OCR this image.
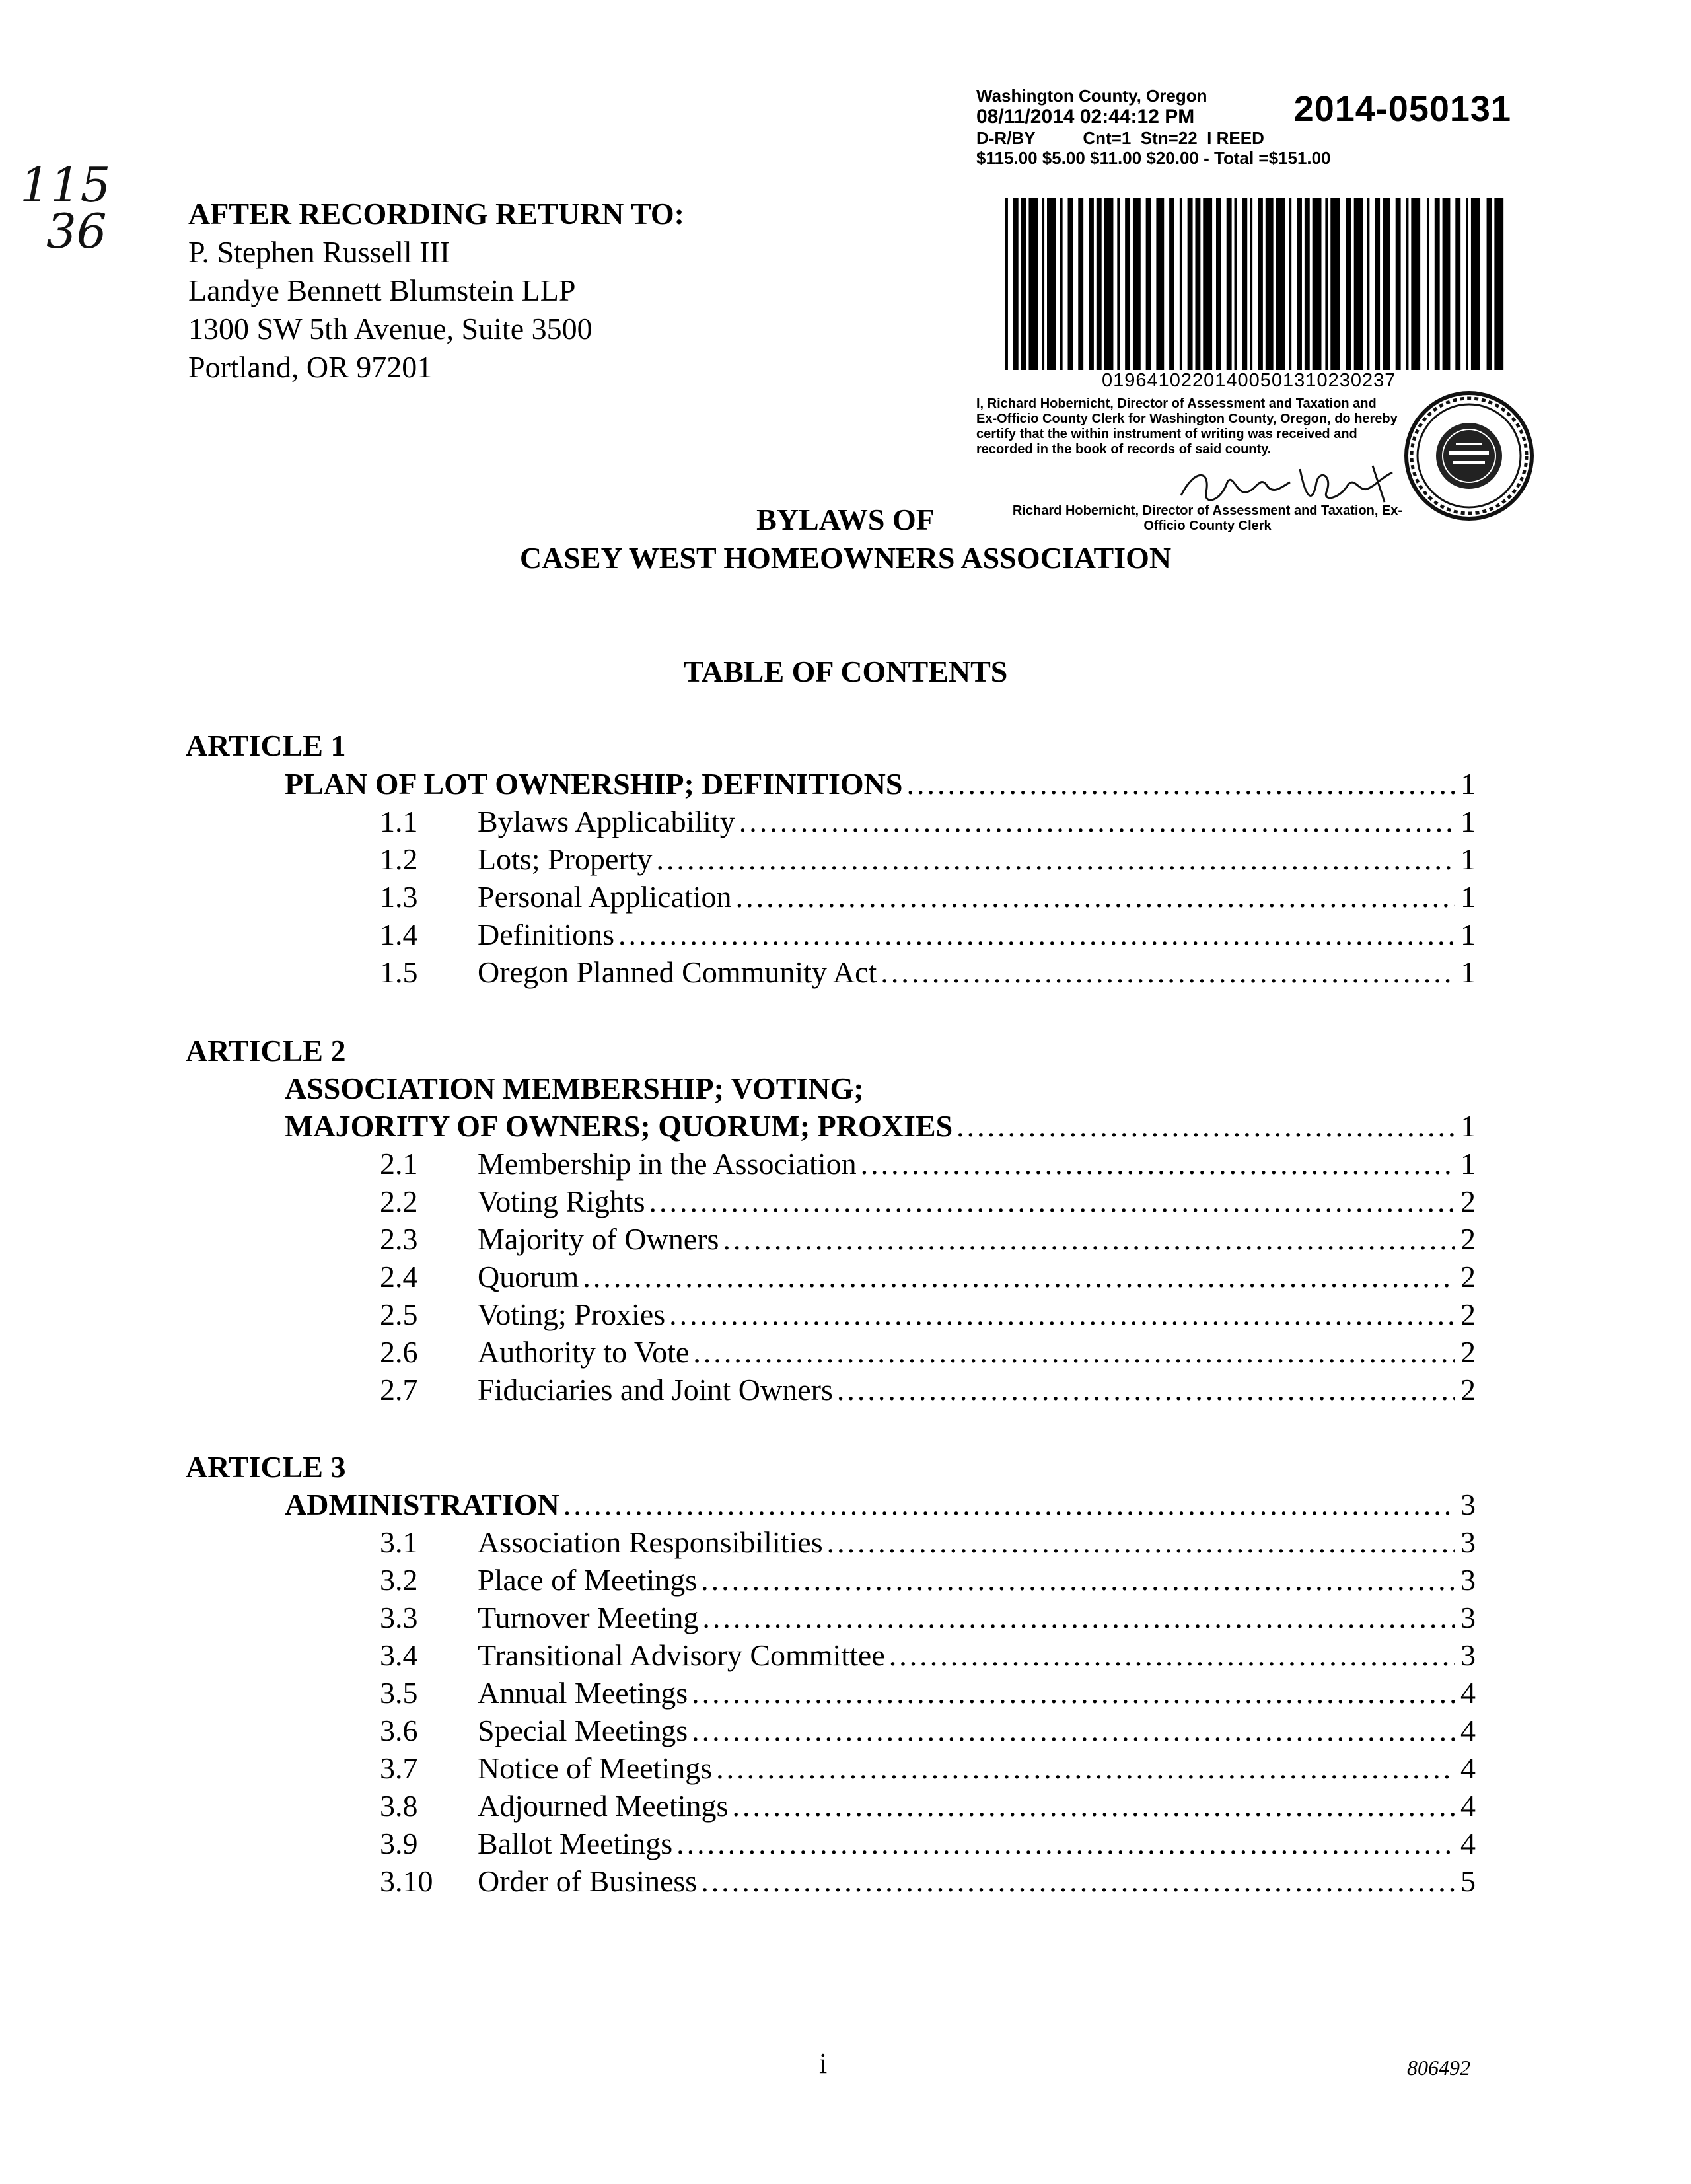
115
36	AFTER RECORDING RETURN TO:
P. Stephen Russell III
Landye Bennett Blumstein LLP
1300 SW 5th Avenue, Suite 3500
Portland, OR 97201
Washington County, Oregon
08/11/2014 02:44:12 PM
D-R/BY          Cnt=1  Stn=22  I REED
$115.00 $5.00 $11.00 $20.00 - Total =$151.00
2014-050131
01964102201400501310230237
I, Richard Hobernicht, Director of Assessment and Taxation and Ex-Officio County Clerk for Washington County, Oregon, do hereby certify that the within instrument of writing was received and recorded in the book of records of said county.
Richard Hobernicht, Director of Assessment and Taxation, Ex-Officio County Clerk
BYLAWS OF
CASEY WEST HOMEOWNERS ASSOCIATION
TABLE OF CONTENTS
ARTICLE 1
PLAN OF LOT OWNERSHIP; DEFINITIONS .....	1
1.1	Bylaws Applicability .....	1
1.2	Lots; Property .....	1
1.3	Personal Application .....	1
1.4	Definitions .....	1
1.5	Oregon Planned Community Act .....	1
ARTICLE 2
ASSOCIATION MEMBERSHIP; VOTING;
MAJORITY OF OWNERS; QUORUM; PROXIES .....	1
2.1	Membership in the Association .....	1
2.2	Voting Rights .....	2
2.3	Majority of Owners .....	2
2.4	Quorum .....	2
2.5	Voting; Proxies .....	2
2.6	Authority to Vote .....	2
2.7	Fiduciaries and Joint Owners .....	2
ARTICLE 3
ADMINISTRATION .....	3
3.1	Association Responsibilities .....	3
3.2	Place of Meetings .....	3
3.3	Turnover Meeting .....	3
3.4	Transitional Advisory Committee .....	3
3.5	Annual Meetings .....	4
3.6	Special Meetings .....	4
3.7	Notice of Meetings .....	4
3.8	Adjourned Meetings .....	4
3.9	Ballot Meetings .....	4
3.10	Order of Business .....	5
i	806492
